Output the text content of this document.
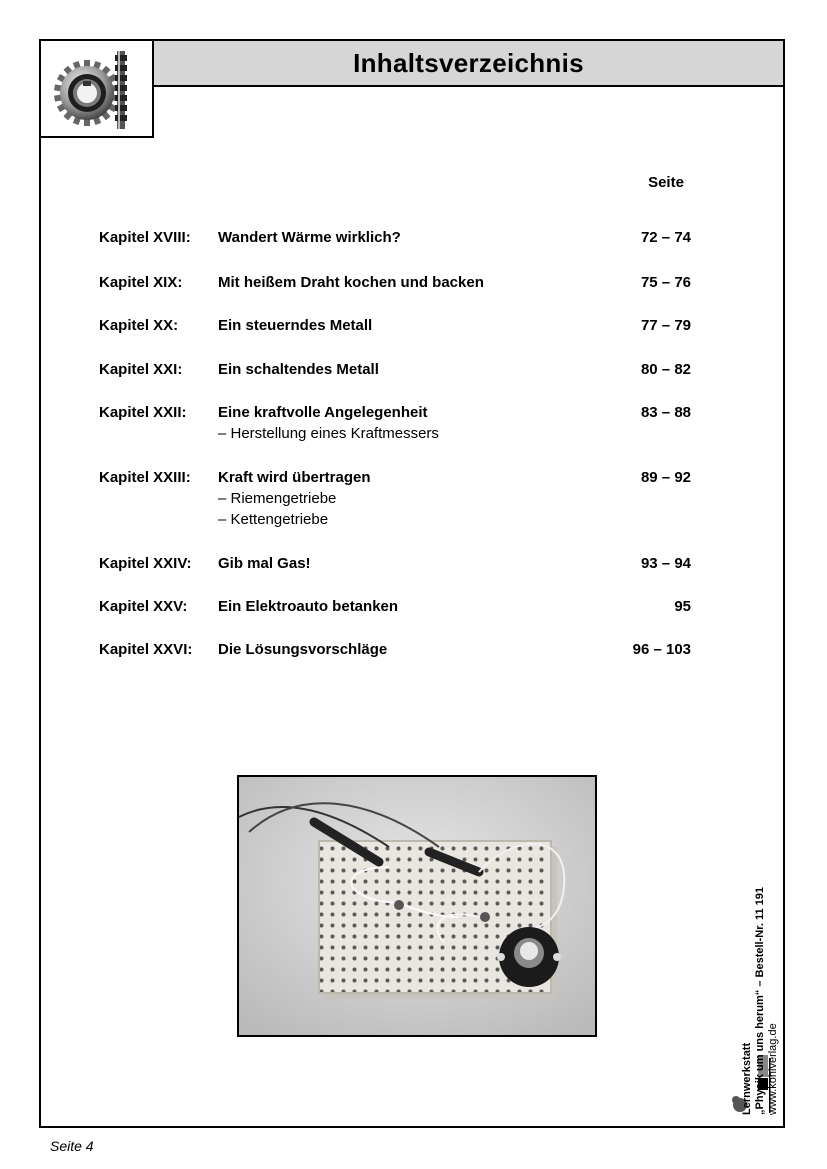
Inhaltsverzeichnis
Seite
Kapitel XVIII: Wandert Wärme wirklich?	72 – 74
Kapitel XIX: Mit heißem Draht kochen und backen	75 – 76
Kapitel XX:	Ein steuerndes Metall	77 – 79
Kapitel XXI: Ein schaltendes Metall	80 – 82
Kapitel XXII: Eine kraftvolle Angelegenheit	83 – 88
– Herstellung eines Kraftmessers
Kapitel XXIII: Kraft wird übertragen	89 – 92
– Riemengetriebe
– Kettengetriebe
Kapitel XXIV: Gib mal Gas!	93 – 94
Kapitel XXV: Ein Elektroauto betanken	95
Kapitel XXVI: Die Lösungsvorschläge	96 – 103
Lernwerkstatt „Physik um uns herum“ – Bestell-Nr. 11 191 www.kohlverlag.de
Seite 4
